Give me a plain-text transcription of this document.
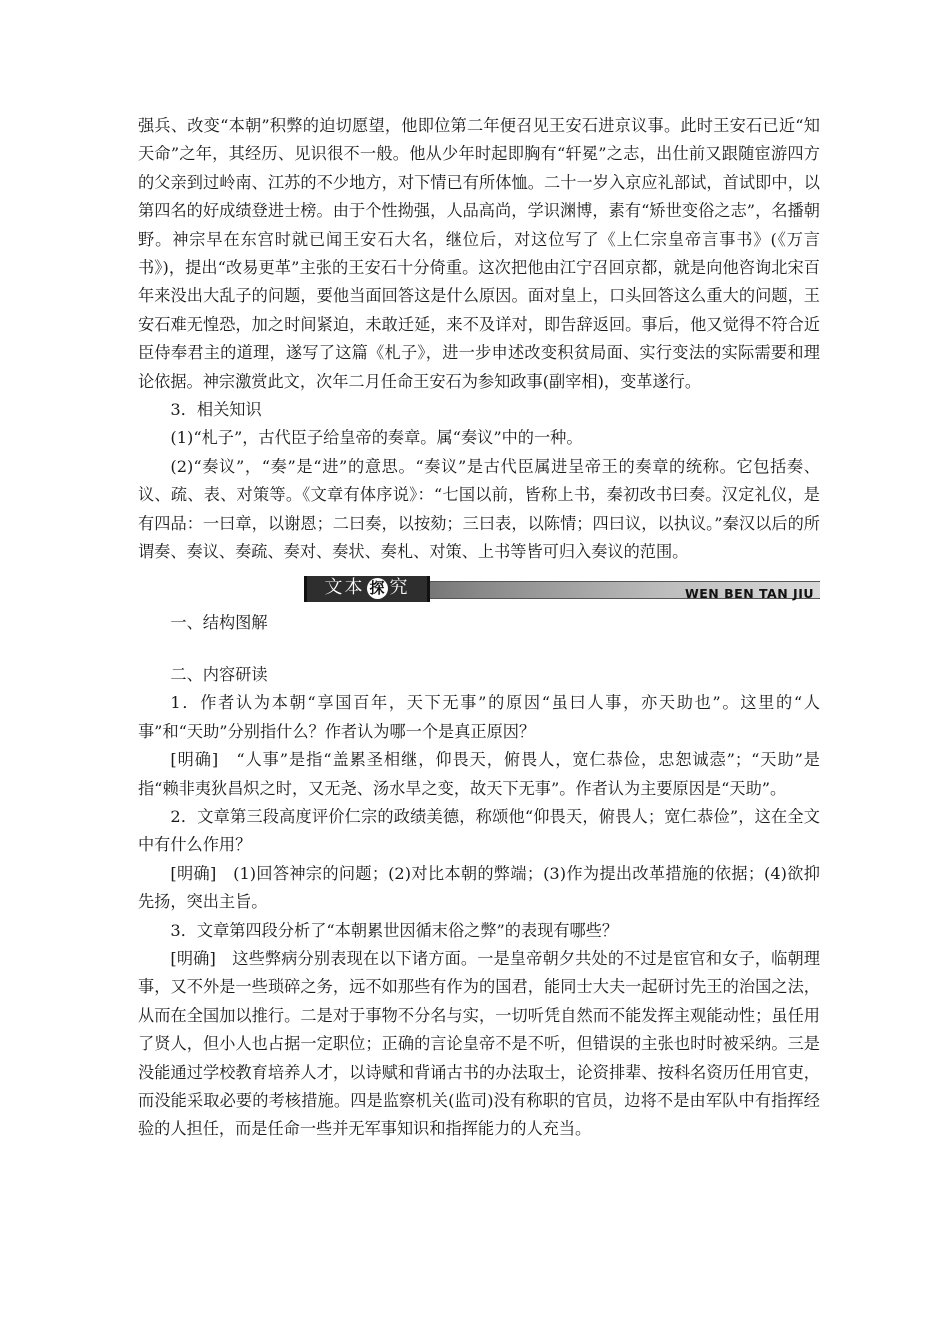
强兵、改变“本朝”积弊的迫切愿望，他即位第二年便召见王安石进京议事。此时王安石已近“知天命”之年，其经历、见识很不一般。他从少年时起即胸有“轩冕”之志，出仕前又跟随宦游四方的父亲到过岭南、江苏的不少地方，对下情已有所体恤。二十一岁入京应礼部试，首试即中，以第四名的好成绩登进士榜。由于个性拗强，人品高尚，学识渊博，素有“矫世变俗之志”，名播朝野。神宗早在东宫时就已闻王安石大名，继位后，对这位写了《上仁宗皇帝言事书》(《万言书》)，提出“改易更革”主张的王安石十分倚重。这次把他由江宁召回京都，就是向他咨询北宋百年来没出大乱子的问题，要他当面回答这是什么原因。面对皇上，口头回答这么重大的问题，王安石难无惶恐，加之时间紧迫，未敢迁延，来不及详对，即告辞返回。事后，他又觉得不符合近臣侍奉君主的道理，遂写了这篇《札子》，进一步申述改变积贫局面、实行变法的实际需要和理论依据。神宗激赏此文，次年二月任命王安石为参知政事(副宰相)，变革遂行。

3．相关知识

(1)“札子”，古代臣子给皇帝的奏章。属“奏议”中的一种。

(2)“奏议”，“奏”是“进”的意思。“奏议”是古代臣属进呈帝王的奏章的统称。它包括奏、议、疏、表、对策等。《文章有体序说》：“七国以前，皆称上书，秦初改书曰奏。汉定礼仪，是有四品：一曰章，以谢恩；二曰奏，以按劾；三曰表，以陈情；四曰议，以执议。”秦汉以后的所谓奏、奏议、奏疏、奏对、奏状、奏札、对策、上书等皆可归入奏议的范围。

文本 探 究	WEN BEN TAN JIU

一、结构图解

二、内容研读

1．作者认为本朝“享国百年，天下无事”的原因“虽曰人事，亦天助也”。这里的“人事”和“天助”分别指什么？作者认为哪一个是真正原因？

[明确]　“人事”是指“盖累圣相继，仰畏天，俯畏人，宽仁恭俭，忠恕诚悫”；“天助”是指“赖非夷狄昌炽之时，又无尧、汤水旱之变，故天下无事”。作者认为主要原因是“天助”。

2．文章第三段高度评价仁宗的政绩美德，称颂他“仰畏天，俯畏人；宽仁恭俭”，这在全文中有什么作用？

[明确]　(1)回答神宗的问题；(2)对比本朝的弊端；(3)作为提出改革措施的依据；(4)欲抑先扬，突出主旨。

3．文章第四段分析了“本朝累世因循末俗之弊”的表现有哪些？

[明确]　这些弊病分别表现在以下诸方面。一是皇帝朝夕共处的不过是宦官和女子，临朝理事，又不外是一些琐碎之务，远不如那些有作为的国君，能同士大夫一起研讨先王的治国之法，从而在全国加以推行。二是对于事物不分名与实，一切听凭自然而不能发挥主观能动性；虽任用了贤人，但小人也占据一定职位；正确的言论皇帝不是不听，但错误的主张也时时被采纳。三是没能通过学校教育培养人才，以诗赋和背诵古书的办法取士，论资排辈、按科名资历任用官吏，而没能采取必要的考核措施。四是监察机关(监司)没有称职的官员，边将不是由军队中有指挥经验的人担任，而是任命一些并无军事知识和指挥能力的人充当。
